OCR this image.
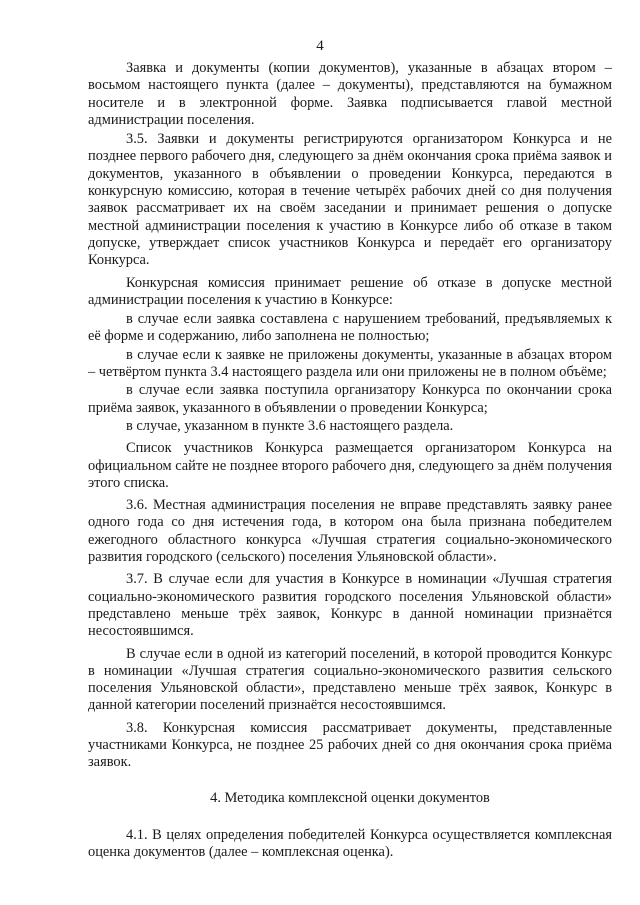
4

Заявка и документы (копии документов), указанные в абзацах втором – восьмом настоящего пункта (далее – документы), представляются на бумажном носителе и в электронной форме. Заявка подписывается главой местной администрации поселения.

3.5. Заявки и документы регистрируются организатором Конкурса и не позднее первого рабочего дня, следующего за днём окончания срока приёма заявок и документов, указанного в объявлении о проведении Конкурса, передаются в конкурсную комиссию, которая в течение четырёх рабочих дней со дня получения заявок рассматривает их на своём заседании и принимает решения о допуске местной администрации поселения к участию в Конкурсе либо об отказе в таком допуске, утверждает список участников Конкурса и передаёт его организатору Конкурса.

Конкурсная комиссия принимает решение об отказе в допуске местной администрации поселения к участию в Конкурсе:

в случае если заявка составлена с нарушением требований, предъявляемых к её форме и содержанию, либо заполнена не полностью;

в случае если к заявке не приложены документы, указанные в абзацах втором – четвёртом пункта 3.4 настоящего раздела или они приложены не в полном объёме;

в случае если заявка поступила организатору Конкурса по окончании срока приёма заявок, указанного в объявлении о проведении Конкурса;

в случае, указанном в пункте 3.6 настоящего раздела.

Список участников Конкурса размещается организатором Конкурса на официальном сайте не позднее второго рабочего дня, следующего за днём получения этого списка.

3.6. Местная администрация поселения не вправе представлять заявку ранее одного года со дня истечения года, в котором она была признана победителем ежегодного областного конкурса «Лучшая стратегия социально-экономического развития городского (сельского) поселения Ульяновской области».

3.7. В случае если для участия в Конкурсе в номинации «Лучшая стратегия социально-экономического развития городского поселения Ульяновской области» представлено меньше трёх заявок, Конкурс в данной номинации признаётся несостоявшимся.

В случае если в одной из категорий поселений, в которой проводится Конкурс в номинации «Лучшая стратегия социально-экономического развития сельского поселения Ульяновской области», представлено меньше трёх заявок, Конкурс в данной категории поселений признаётся несостоявшимся.

3.8. Конкурсная комиссия рассматривает документы, представленные участниками Конкурса, не позднее 25 рабочих дней со дня окончания срока приёма заявок.

4. Методика комплексной оценки документов

4.1. В целях определения победителей Конкурса осуществляется комплексная оценка документов (далее – комплексная оценка).
